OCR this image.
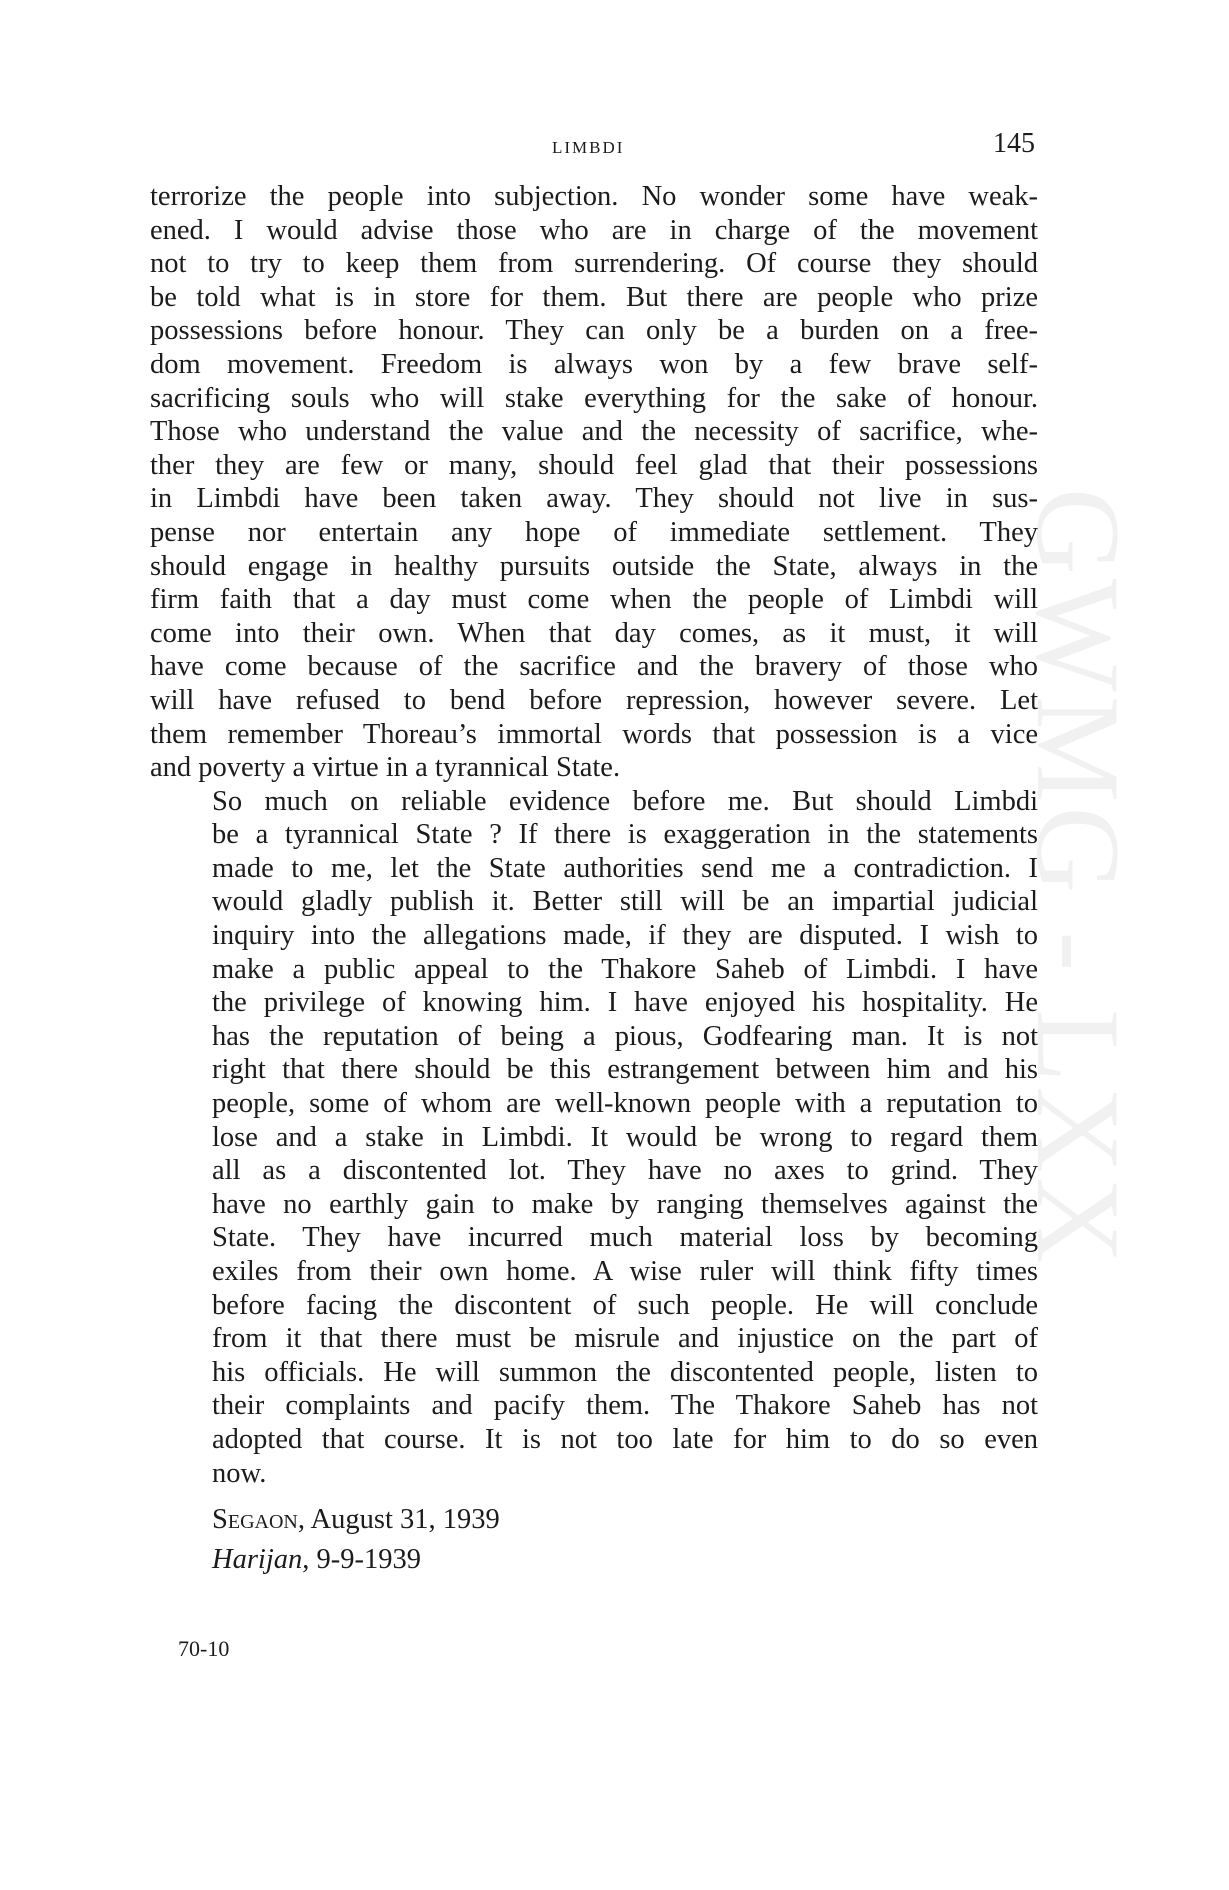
GWMG - LXX
LIMBDI	145

terrorize the people into subjection. No wonder some have weak-
ened. I would advise those who are in charge of the movement
not to try to keep them from surrendering. Of course they should
be told what is in store for them. But there are people who prize
possessions before honour. They can only be a burden on a free-
dom movement. Freedom is always won by a few brave self-
sacrificing souls who will stake everything for the sake of honour.
Those who understand the value and the necessity of sacrifice, whe-
ther they are few or many, should feel glad that their possessions
in Limbdi have been taken away. They should not live in sus-
pense nor entertain any hope of immediate settlement. They
should engage in healthy pursuits outside the State, always in the
firm faith that a day must come when the people of Limbdi will
come into their own. When that day comes, as it must, it will
have come because of the sacrifice and the bravery of those who
will have refused to bend before repression, however severe. Let
them remember Thoreau’s immortal words that possession is a vice
and poverty a virtue in a tyrannical State.

So much on reliable evidence before me. But should Limbdi
be a tyrannical State ? If there is exaggeration in the statements
made to me, let the State authorities send me a contradiction. I
would gladly publish it. Better still will be an impartial judicial
inquiry into the allegations made, if they are disputed. I wish to
make a public appeal to the Thakore Saheb of Limbdi. I have
the privilege of knowing him. I have enjoyed his hospitality. He
has the reputation of being a pious, Godfearing man. It is not
right that there should be this estrangement between him and his
people, some of whom are well-known people with a reputation to
lose and a stake in Limbdi. It would be wrong to regard them
all as a discontented lot. They have no axes to grind. They
have no earthly gain to make by ranging themselves against the
State. They have incurred much material loss by becoming
exiles from their own home. A wise ruler will think fifty times
before facing the discontent of such people. He will conclude
from it that there must be misrule and injustice on the part of
his officials. He will summon the discontented people, listen to
their complaints and pacify them. The Thakore Saheb has not
adopted that course. It is not too late for him to do so even
now.

Segaon, August 31, 1939
Harijan, 9-9-1939
70-10
